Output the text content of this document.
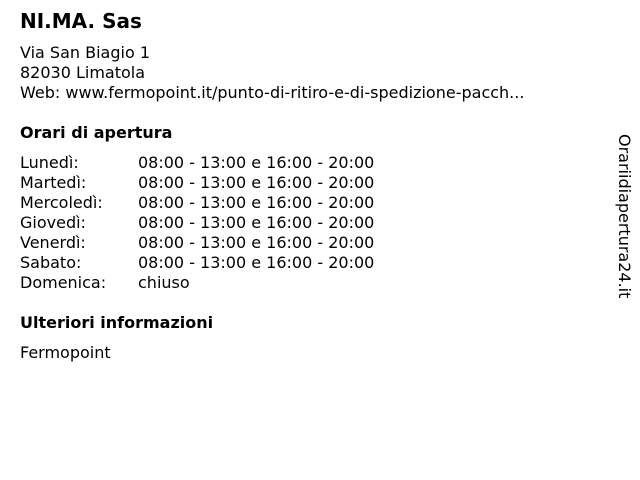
NI.MA. Sas
Via San Biagio 1
82030 Limatola
Web: www.fermopoint.it/punto-di-ritiro-e-di-spedizione-pacch...
Orari di apertura
Lunedì:	08:00 - 13:00 e 16:00 - 20:00
Martedì:	08:00 - 13:00 e 16:00 - 20:00
Mercoledì: 08:00 - 13:00 e 16:00 - 20:00
Giovedì:	08:00 - 13:00 e 16:00 - 20:00
Venerdì:	08:00 - 13:00 e 16:00 - 20:00
Sabato:	08:00 - 13:00 e 16:00 - 20:00
Domenica: chiuso
Ulteriori informazioni
Fermopoint
Orariidiapertura24.it
